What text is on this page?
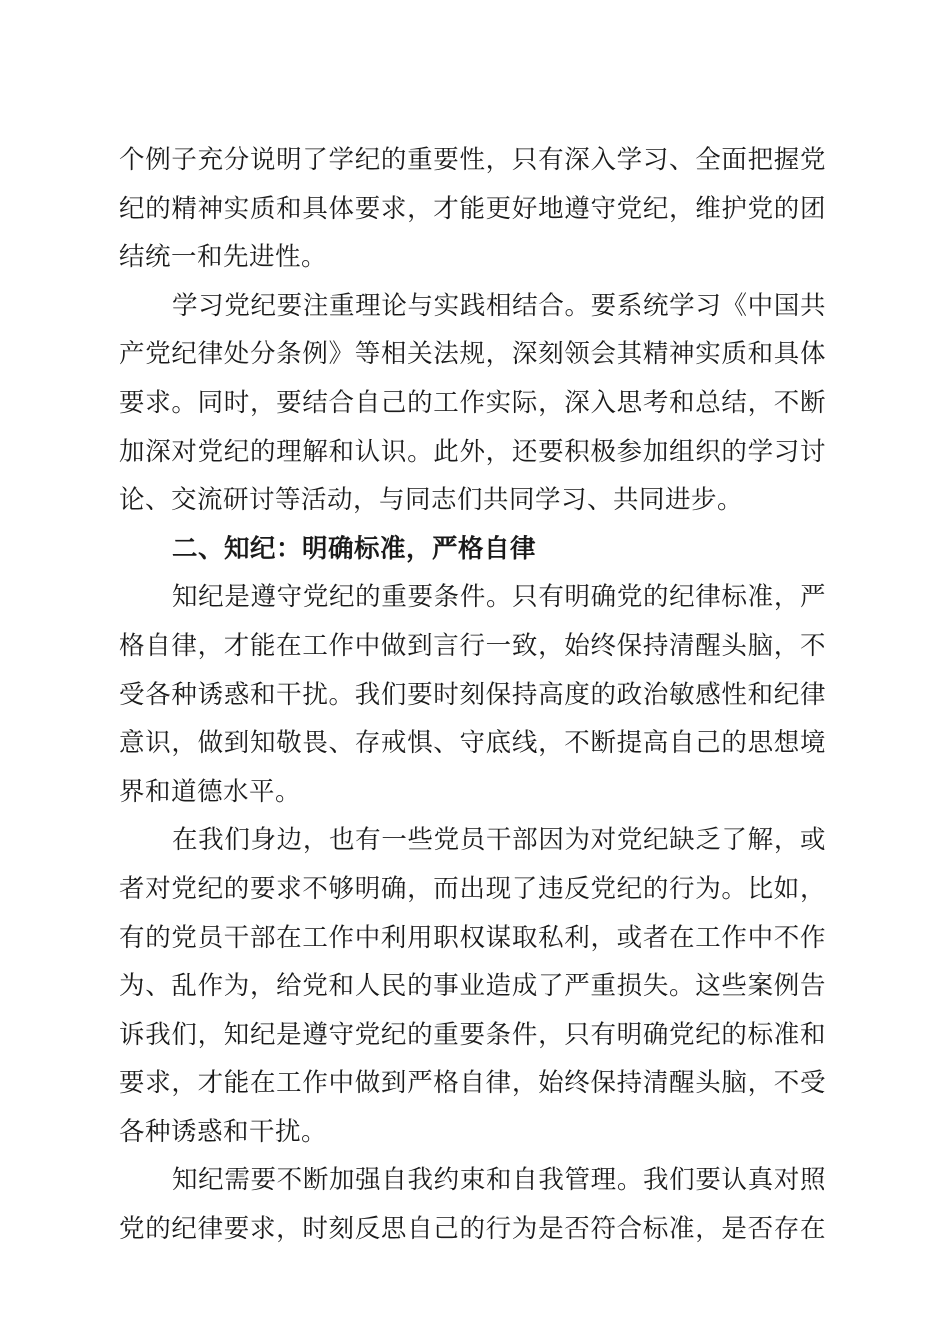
个例子充分说明了学纪的重要性，只有深入学习、全面把握党
纪的精神实质和具体要求，才能更好地遵守党纪，维护党的团
结统一和先进性。
学习党纪要注重理论与实践相结合。要系统学习《中国共
产党纪律处分条例》等相关法规，深刻领会其精神实质和具体
要求。同时，要结合自己的工作实际，深入思考和总结，不断
加深对党纪的理解和认识。此外，还要积极参加组织的学习讨
论、交流研讨等活动，与同志们共同学习、共同进步。
二、知纪：明确标准，严格自律
知纪是遵守党纪的重要条件。只有明确党的纪律标准，严
格自律，才能在工作中做到言行一致，始终保持清醒头脑，不
受各种诱惑和干扰。我们要时刻保持高度的政治敏感性和纪律
意识，做到知敬畏、存戒惧、守底线，不断提高自己的思想境
界和道德水平。
在我们身边，也有一些党员干部因为对党纪缺乏了解，或
者对党纪的要求不够明确，而出现了违反党纪的行为。比如，
有的党员干部在工作中利用职权谋取私利，或者在工作中不作
为、乱作为，给党和人民的事业造成了严重损失。这些案例告
诉我们，知纪是遵守党纪的重要条件，只有明确党纪的标准和
要求，才能在工作中做到严格自律，始终保持清醒头脑，不受
各种诱惑和干扰。
知纪需要不断加强自我约束和自我管理。我们要认真对照
党的纪律要求，时刻反思自己的行为是否符合标准，是否存在
